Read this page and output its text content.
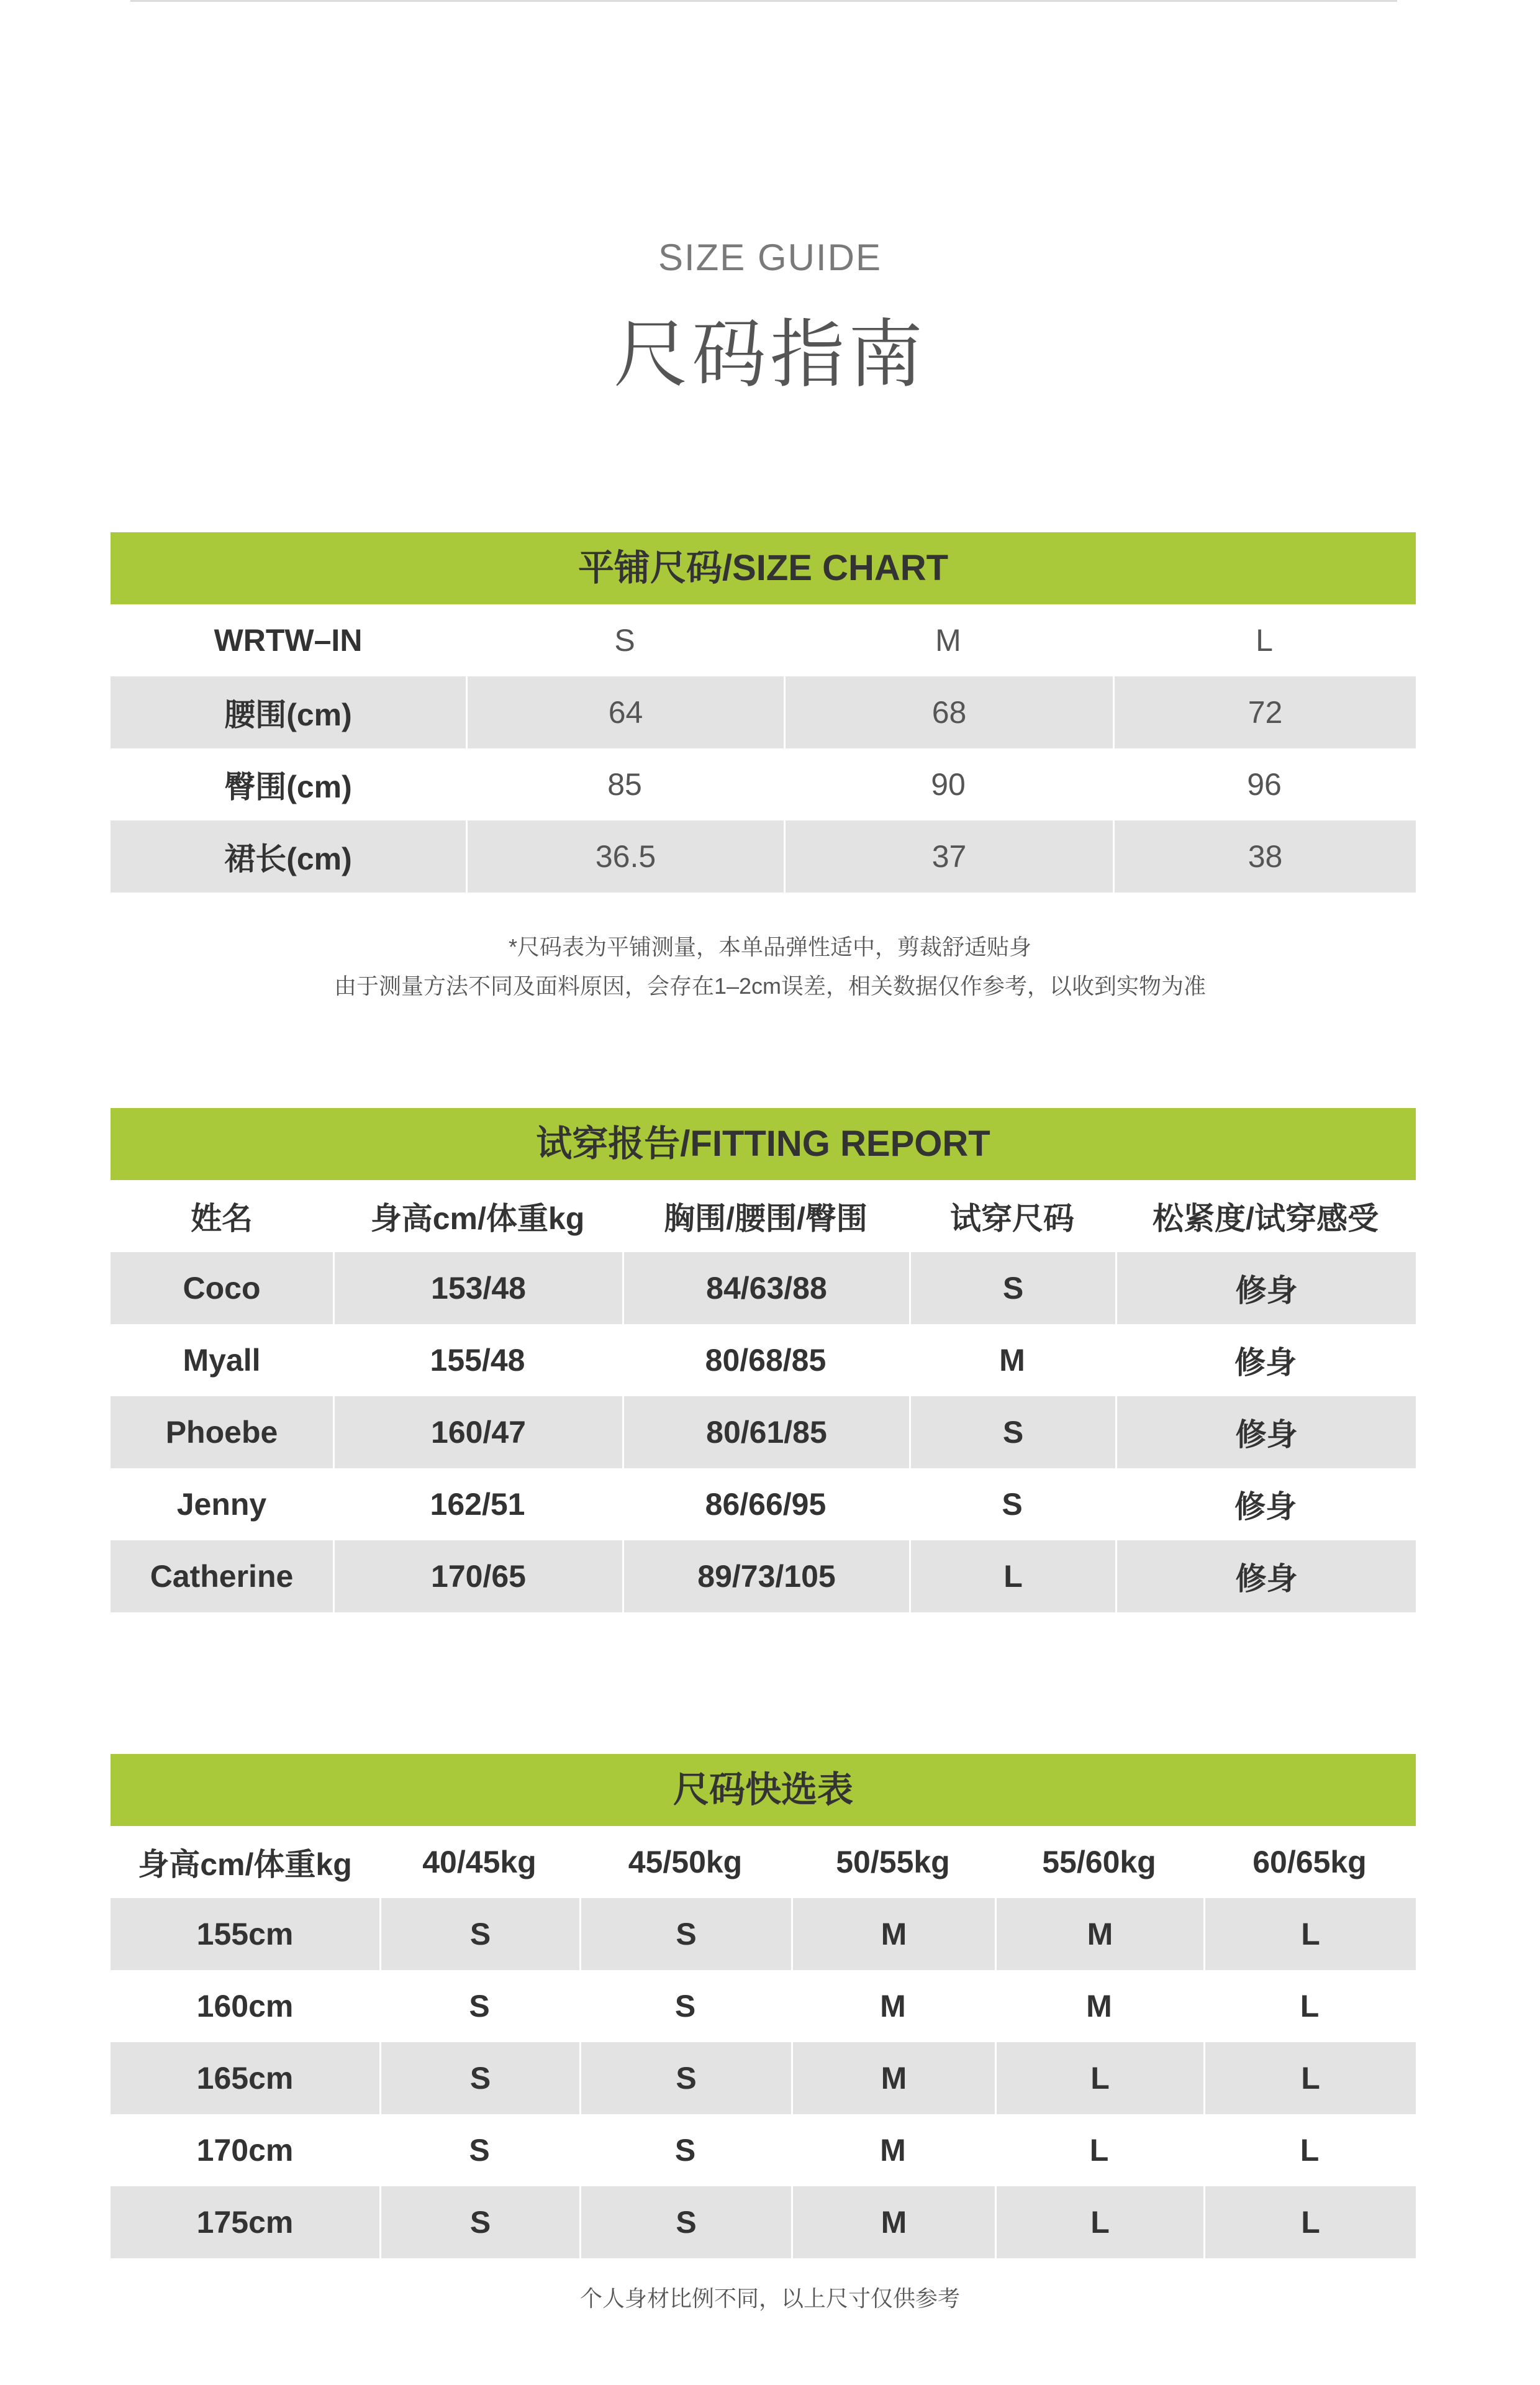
SIZE GUIDE
尺码指南
平铺尺码/SIZE CHART
WRTW–IN	S	M	L
腰围(cm)	64	68	72
臀围(cm)	85	90	96
裙长(cm)	36.5	37	38
*尺码表为平铺测量，本单品弹性适中，剪裁舒适贴身
由于测量方法不同及面料原因，会存在1–2cm误差，相关数据仅作参考，以收到实物为准
试穿报告/FITTING REPORT
姓名	身高cm/体重kg	胸围/腰围/臀围	试穿尺码	松紧度/试穿感受
Coco	153/48	84/63/88	S	修身
Myall	155/48	80/68/85	M	修身
Phoebe	160/47	80/61/85	S	修身
Jenny	162/51	86/66/95	S	修身
Catherine	170/65	89/73/105	L	修身
尺码快选表
身高cm/体重kg	40/45kg	45/50kg	50/55kg	55/60kg	60/65kg
155cm	S	S	M	M	L
160cm	S	S	M	M	L
165cm	S	S	M	L	L
170cm	S	S	M	L	L
175cm	S	S	M	L	L
个人身材比例不同，以上尺寸仅供参考
